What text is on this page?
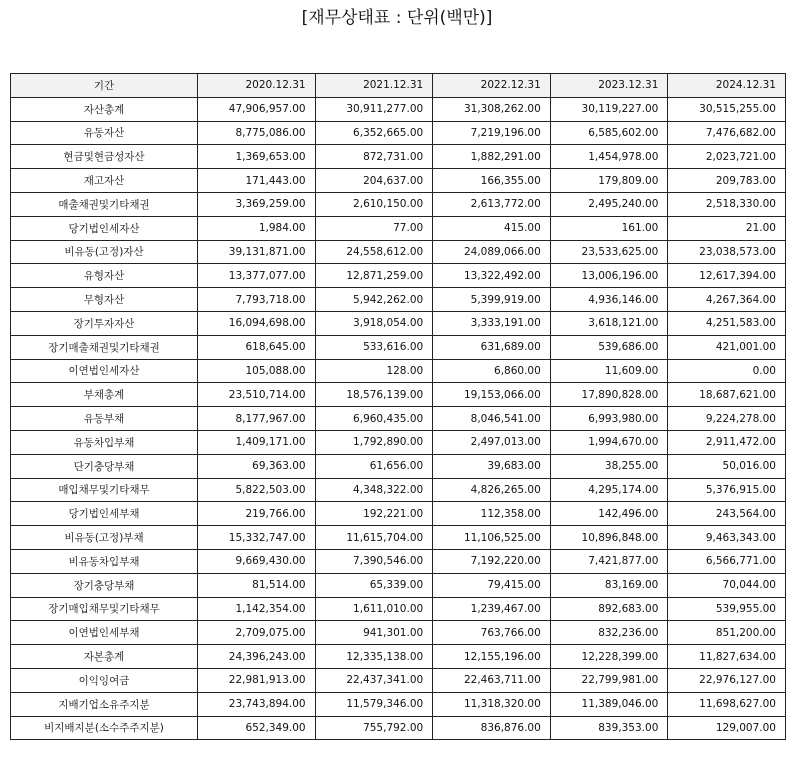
[재무상태표 : 단위(백만)]
기간	2020.12.31	2021.12.31	2022.12.31	2023.12.31	2024.12.31
자산총계	47,906,957.00	30,911,277.00	31,308,262.00	30,119,227.00	30,515,255.00
유동자산	8,775,086.00	6,352,665.00	7,219,196.00	6,585,602.00	7,476,682.00
현금및현금성자산	1,369,653.00	872,731.00	1,882,291.00	1,454,978.00	2,023,721.00
재고자산	171,443.00	204,637.00	166,355.00	179,809.00	209,783.00
매출채권및기타채권	3,369,259.00	2,610,150.00	2,613,772.00	2,495,240.00	2,518,330.00
당기법인세자산	1,984.00	77.00	415.00	161.00	21.00
비유동(고정)자산	39,131,871.00	24,558,612.00	24,089,066.00	23,533,625.00	23,038,573.00
유형자산	13,377,077.00	12,871,259.00	13,322,492.00	13,006,196.00	12,617,394.00
무형자산	7,793,718.00	5,942,262.00	5,399,919.00	4,936,146.00	4,267,364.00
장기투자자산	16,094,698.00	3,918,054.00	3,333,191.00	3,618,121.00	4,251,583.00
장기매출채권및기타채권	618,645.00	533,616.00	631,689.00	539,686.00	421,001.00
이연법인세자산	105,088.00	128.00	6,860.00	11,609.00	0.00
부채총계	23,510,714.00	18,576,139.00	19,153,066.00	17,890,828.00	18,687,621.00
유동부채	8,177,967.00	6,960,435.00	8,046,541.00	6,993,980.00	9,224,278.00
유동차입부채	1,409,171.00	1,792,890.00	2,497,013.00	1,994,670.00	2,911,472.00
단기충당부채	69,363.00	61,656.00	39,683.00	38,255.00	50,016.00
매입채무및기타채무	5,822,503.00	4,348,322.00	4,826,265.00	4,295,174.00	5,376,915.00
당기법인세부채	219,766.00	192,221.00	112,358.00	142,496.00	243,564.00
비유동(고정)부채	15,332,747.00	11,615,704.00	11,106,525.00	10,896,848.00	9,463,343.00
비유동차입부채	9,669,430.00	7,390,546.00	7,192,220.00	7,421,877.00	6,566,771.00
장기충당부채	81,514.00	65,339.00	79,415.00	83,169.00	70,044.00
장기매입채무및기타채무	1,142,354.00	1,611,010.00	1,239,467.00	892,683.00	539,955.00
이연법인세부채	2,709,075.00	941,301.00	763,766.00	832,236.00	851,200.00
자본총계	24,396,243.00	12,335,138.00	12,155,196.00	12,228,399.00	11,827,634.00
이익잉여금	22,981,913.00	22,437,341.00	22,463,711.00	22,799,981.00	22,976,127.00
지배기업소유주지분	23,743,894.00	11,579,346.00	11,318,320.00	11,389,046.00	11,698,627.00
비지배지분(소수주주지분)	652,349.00	755,792.00	836,876.00	839,353.00	129,007.00
